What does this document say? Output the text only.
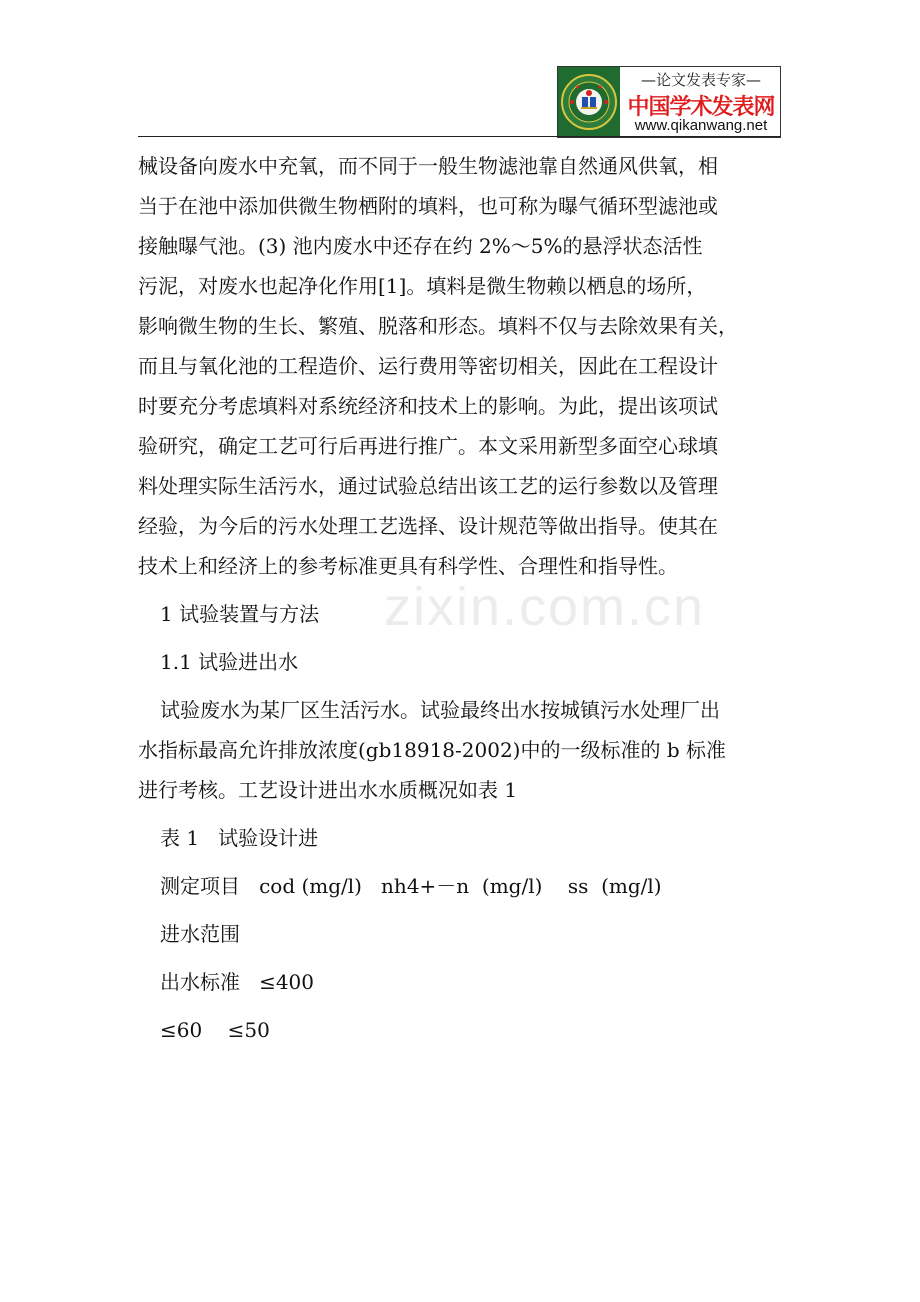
—论文发表专家—
中国学术发表网
www.qikanwang.net
zixin.com.cn

械设备向废水中充氧，而不同于一般生物滤池靠自然通风供氧，相

当于在池中添加供微生物栖附的填料，也可称为曝气循环型滤池或

接触曝气池。(3) 池内废水中还存在约 2%～5%的悬浮状态活性

污泥，对废水也起净化作用[1]。填料是微生物赖以栖息的场所，

影响微生物的生长、繁殖、脱落和形态。填料不仅与去除效果有关，

而且与氧化池的工程造价、运行费用等密切相关，因此在工程设计

时要充分考虑填料对系统经济和技术上的影响。为此，提出该项试

验研究，确定工艺可行后再进行推广。本文采用新型多面空心球填

料处理实际生活污水，通过试验总结出该工艺的运行参数以及管理

经验，为今后的污水处理工艺选择、设计规范等做出指导。使其在

技术上和经济上的参考标准更具有科学性、合理性和指导性。

1 试验装置与方法
1.1 试验进出水

试验废水为某厂区生活污水。试验最终出水按城镇污水处理厂出

水指标最高允许排放浓度(gb18918-2002)中的一级标准的 b 标准

进行考核。工艺设计进出水水质概况如表 1

表 1   试验设计进
测定项目   cod (mg/l)   nh4+－n  (mg/l)    ss  (mg/l)
进水范围
出水标准   ≤400
≤60    ≤50
